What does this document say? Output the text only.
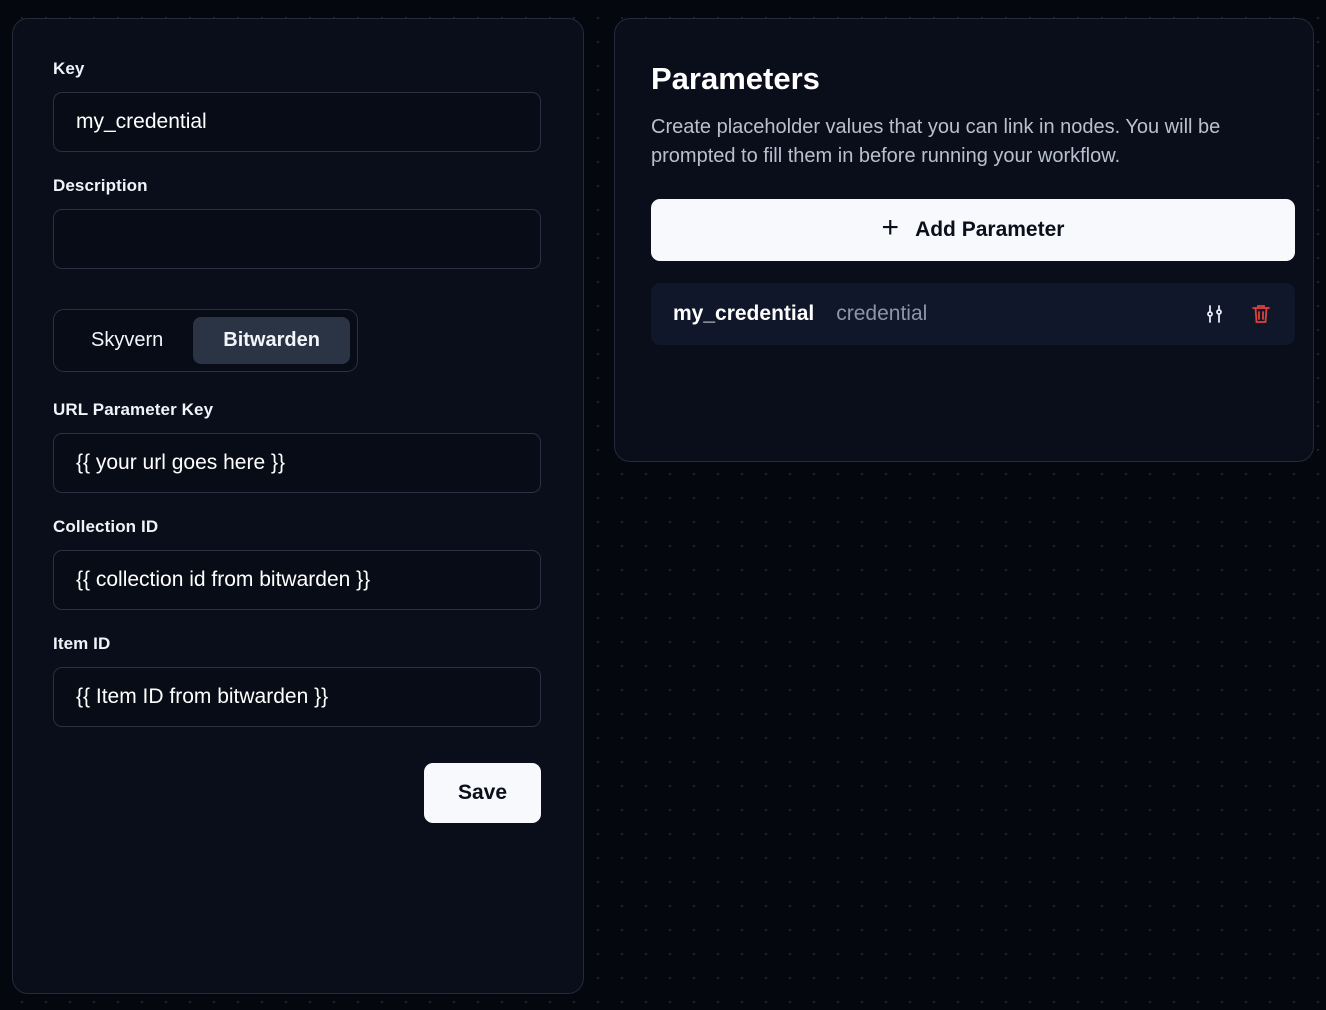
Key
my_credential
Description
Skyvern	Bitwarden
URL Parameter Key
{{ your url goes here }}
Collection ID
{{ collection id from bitwarden }}
Item ID
{{ Item ID from bitwarden }}
Save
Parameters
Create placeholder values that you can link in nodes. You will be prompted to fill them in before running your workflow.
+ Add Parameter
my_credential credential
